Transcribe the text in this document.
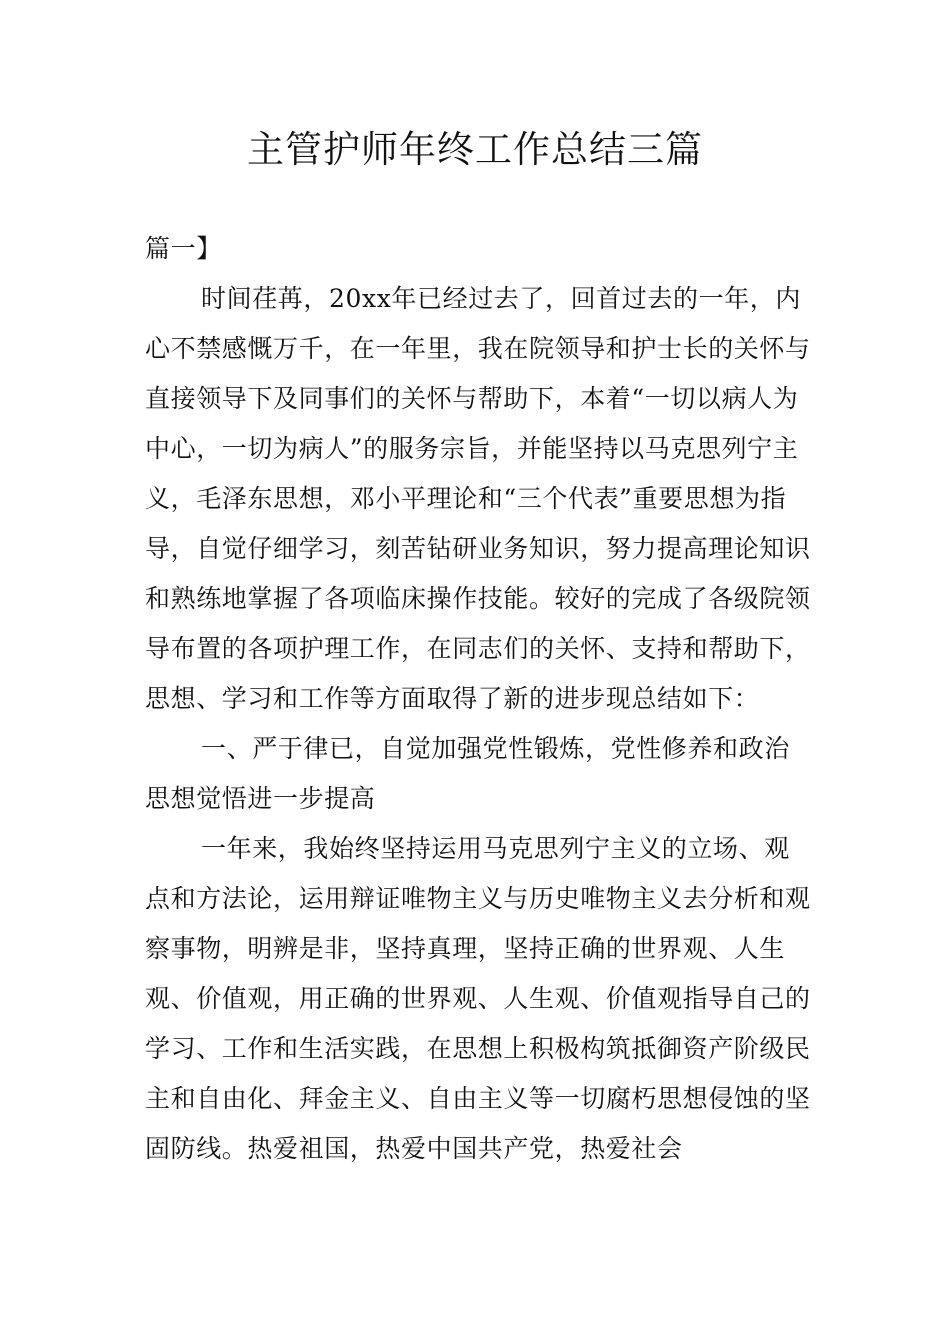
主管护师年终工作总结三篇

篇一】

时间荏苒，20xx年已经过去了，回首过去的一年，内心不禁感慨万千，在一年里，我在院领导和护士长的关怀与直接领导下及同事们的关怀与帮助下，本着“一切以病人为中心，一切为病人”的服务宗旨，并能坚持以马克思列宁主义，毛泽东思想，邓小平理论和“三个代表”重要思想为指导，自觉仔细学习，刻苦钻研业务知识，努力提高理论知识和熟练地掌握了各项临床操作技能。较好的完成了各级院领导布置的各项护理工作，在同志们的关怀、支持和帮助下，思想、学习和工作等方面取得了新的进步现总结如下：

一、严于律已，自觉加强党性锻炼，党性修养和政治思想觉悟进一步提高

一年来，我始终坚持运用马克思列宁主义的立场、观点和方法论，运用辩证唯物主义与历史唯物主义去分析和观察事物，明辨是非，坚持真理，坚持正确的世界观、人生观、价值观，用正确的世界观、人生观、价值观指导自己的学习、工作和生活实践，在思想上积极构筑抵御资产阶级民主和自由化、拜金主义、自由主义等一切腐朽思想侵蚀的坚固防线。热爱祖国，热爱中国共产党，热爱社会
